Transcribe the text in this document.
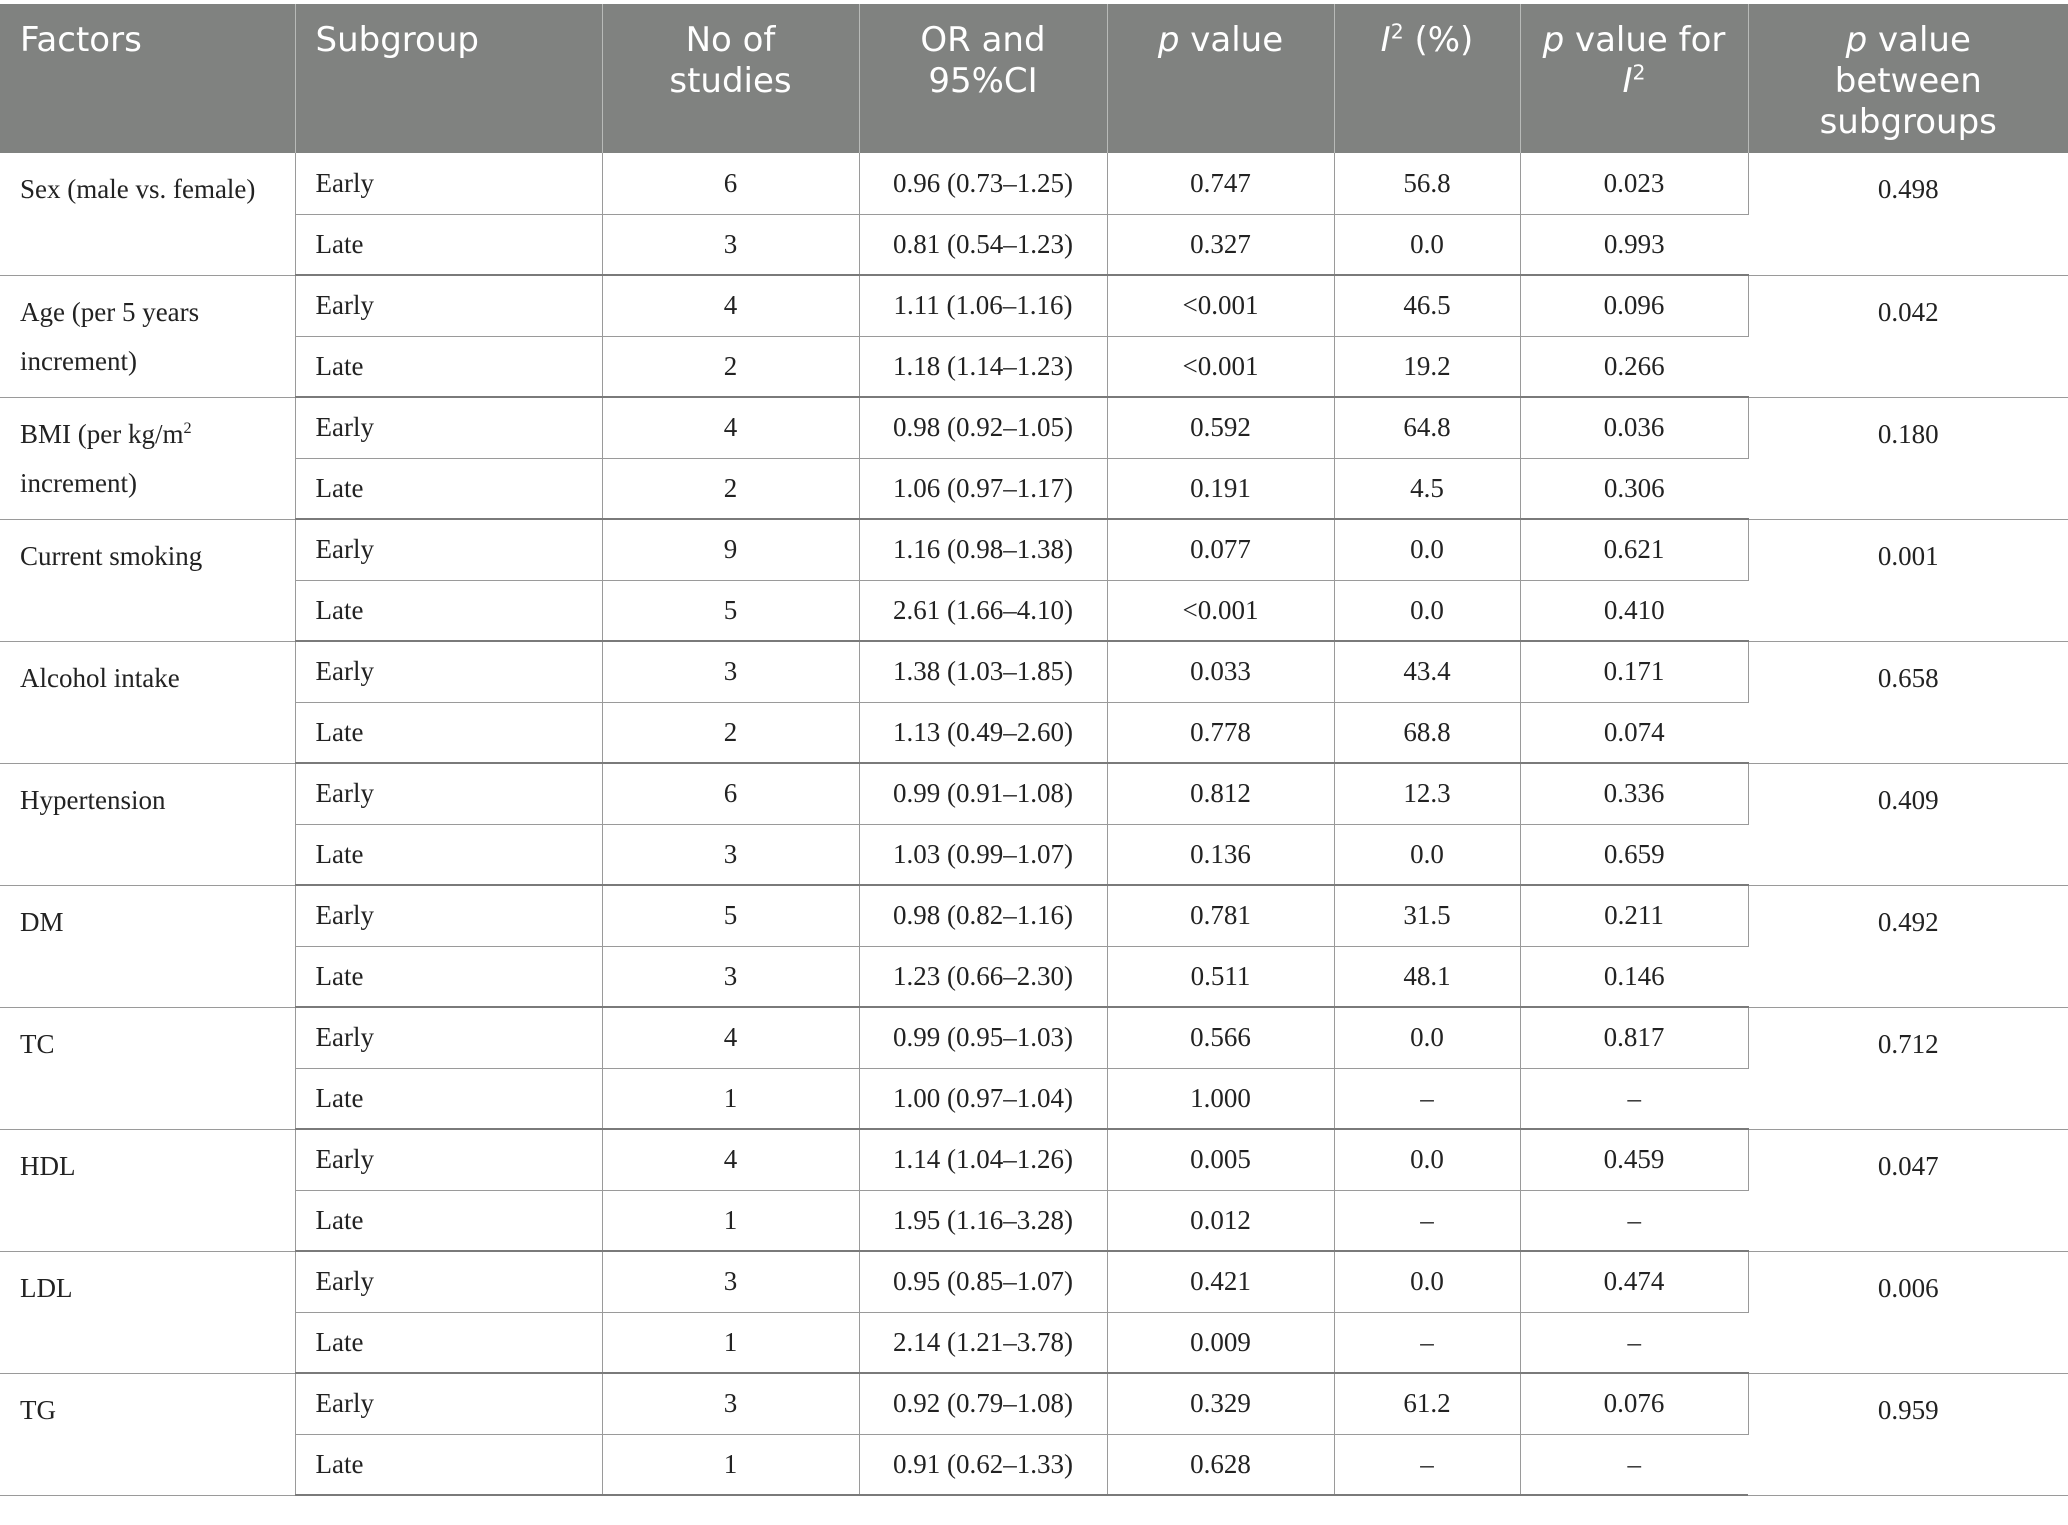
Factors	Subgroup	No of studies	OR and 95%CI	p value	$I^2$ (%)	p value for $I^2$	p value between subgroups
Sex (male vs. female)	Early	6	0.96 (0.73–1.25)	0.747	56.8	0.023	0.498
	Late	3	0.81 (0.54–1.23)	0.327	0.0	0.993	
Age (per 5 years increment)	Early	4	1.11 (1.06–1.16)	<0.001	46.5	0.096	0.042
	Late	2	1.18 (1.14–1.23)	<0.001	19.2	0.266	
BMI (per $kg/m^2$
increment)	Early	4	0.98 (0.92–1.05)	0.592	64.8	0.036	0.180
	Late	2	1.06 (0.97–1.17)	0.191	4.5	0.306	
Current smoking	Early	9	1.16 (0.98–1.38)	0.077	0.0	0.621	0.001
	Late	5	2.61 (1.66–4.10)	<0.001	0.0	0.410	
Alcohol intake	Early	3	1.38 (1.03–1.85)	0.033	43.4	0.171	0.658
	Late	2	1.13 (0.49–2.60)	0.778	68.8	0.074	
Hypertension	Early	6	0.99 (0.91–1.08)	0.812	12.3	0.336	0.409
	Late	3	1.03 (0.99–1.07)	0.136	0.0	0.659	
DM	Early	5	0.98 (0.82–1.16)	0.781	31.5	0.211	0.492
	Late	3	1.23 (0.66–2.30)	0.511	48.1	0.146	
TC	Early	4	0.99 (0.95–1.03)	0.566	0.0	0.817	0.712
	Late	1	1.00 (0.97–1.04)	1.000	–	–	
HDL	Early	4	1.14 (1.04–1.26)	0.005	0.0	0.459	0.047
	Late	1	1.95 (1.16–3.28)	0.012	–	–	
LDL	Early	3	0.95 (0.85–1.07)	0.421	0.0	0.474	0.006
	Late	1	2.14 (1.21–3.78)	0.009	–	–	
TG	Early	3	0.92 (0.79–1.08)	0.329	61.2	0.076	0.959
	Late	1	0.91 (0.62–1.33)	0.628	–	–	
